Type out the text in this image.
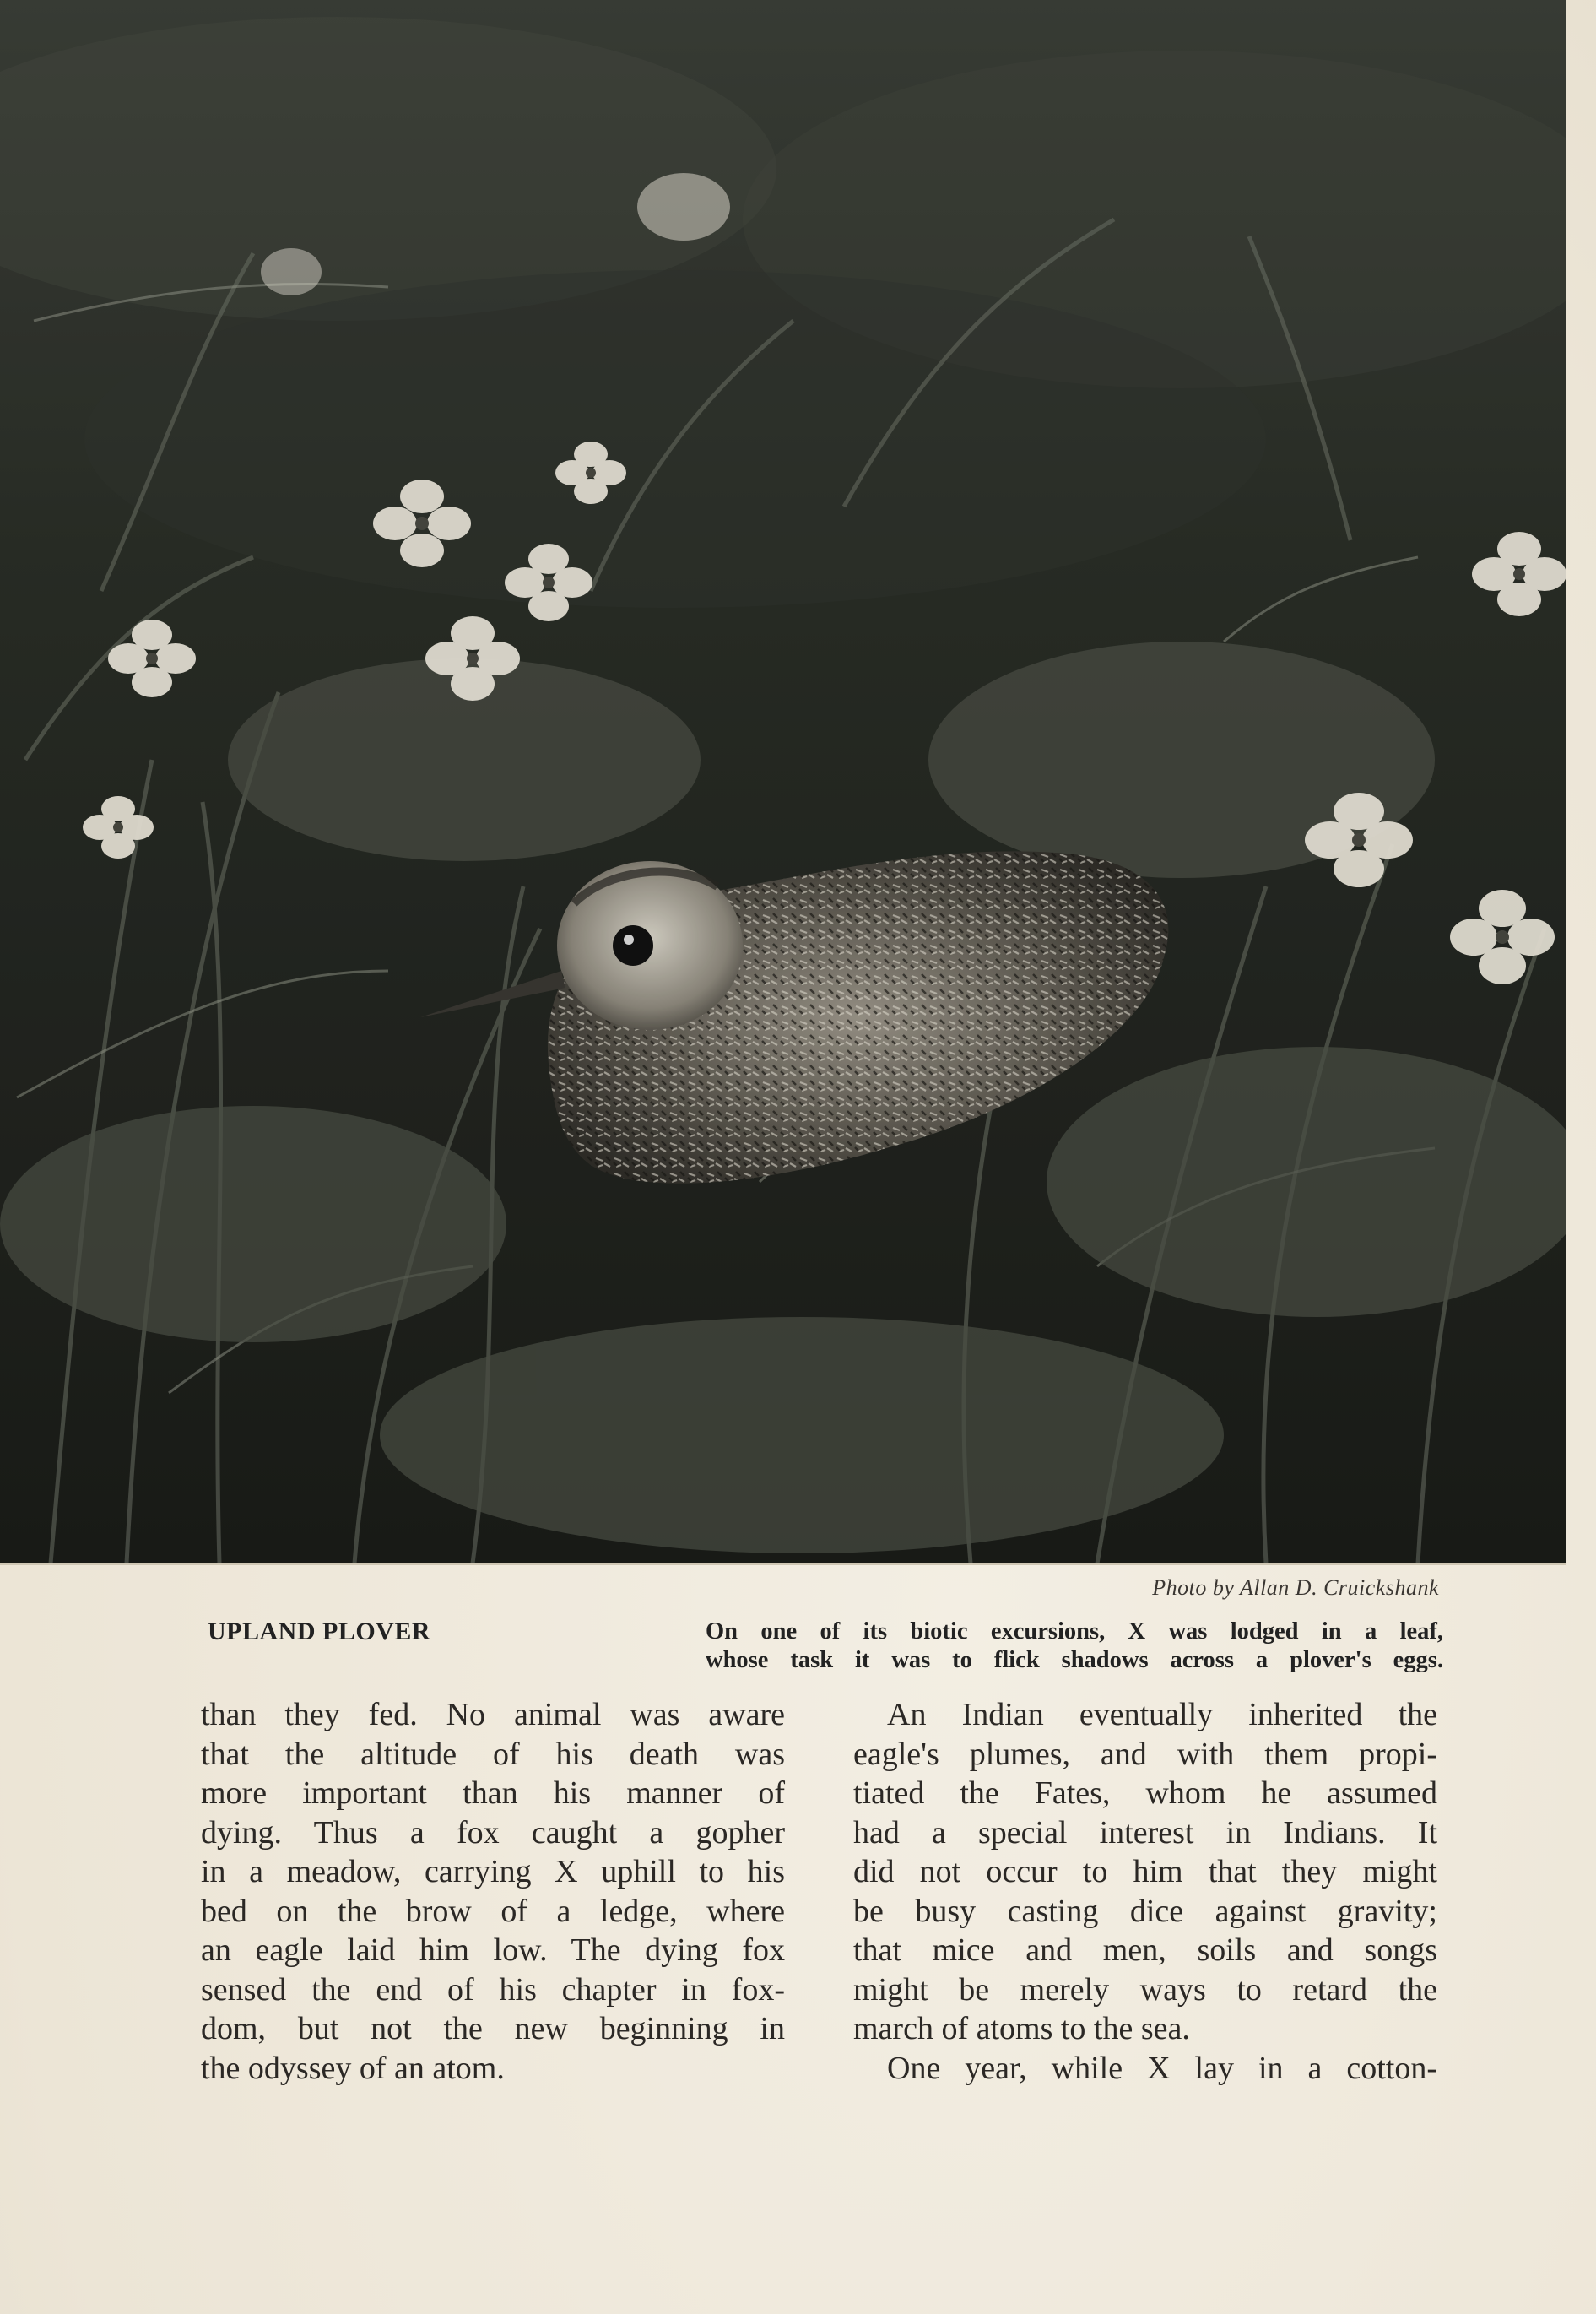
Photo by Allan D. Cruickshank
UPLAND PLOVER	On one of its biotic excursions, X was lodged in a leaf,
whose task it was to flick shadows across a plover's eggs.
than they fed. No animal was aware
that the altitude of his death was
more important than his manner of
dying. Thus a fox caught a gopher
in a meadow, carrying X uphill to his
bed on the brow of a ledge, where
an eagle laid him low. The dying fox
sensed the end of his chapter in fox-
dom, but not the new beginning in
the odyssey of an atom.
An Indian eventually inherited the
eagle's plumes, and with them propi-
tiated the Fates, whom he assumed
had a special interest in Indians. It
did not occur to him that they might
be busy casting dice against gravity;
that mice and men, soils and songs
might be merely ways to retard the
march of atoms to the sea.
One year, while X lay in a cotton-
